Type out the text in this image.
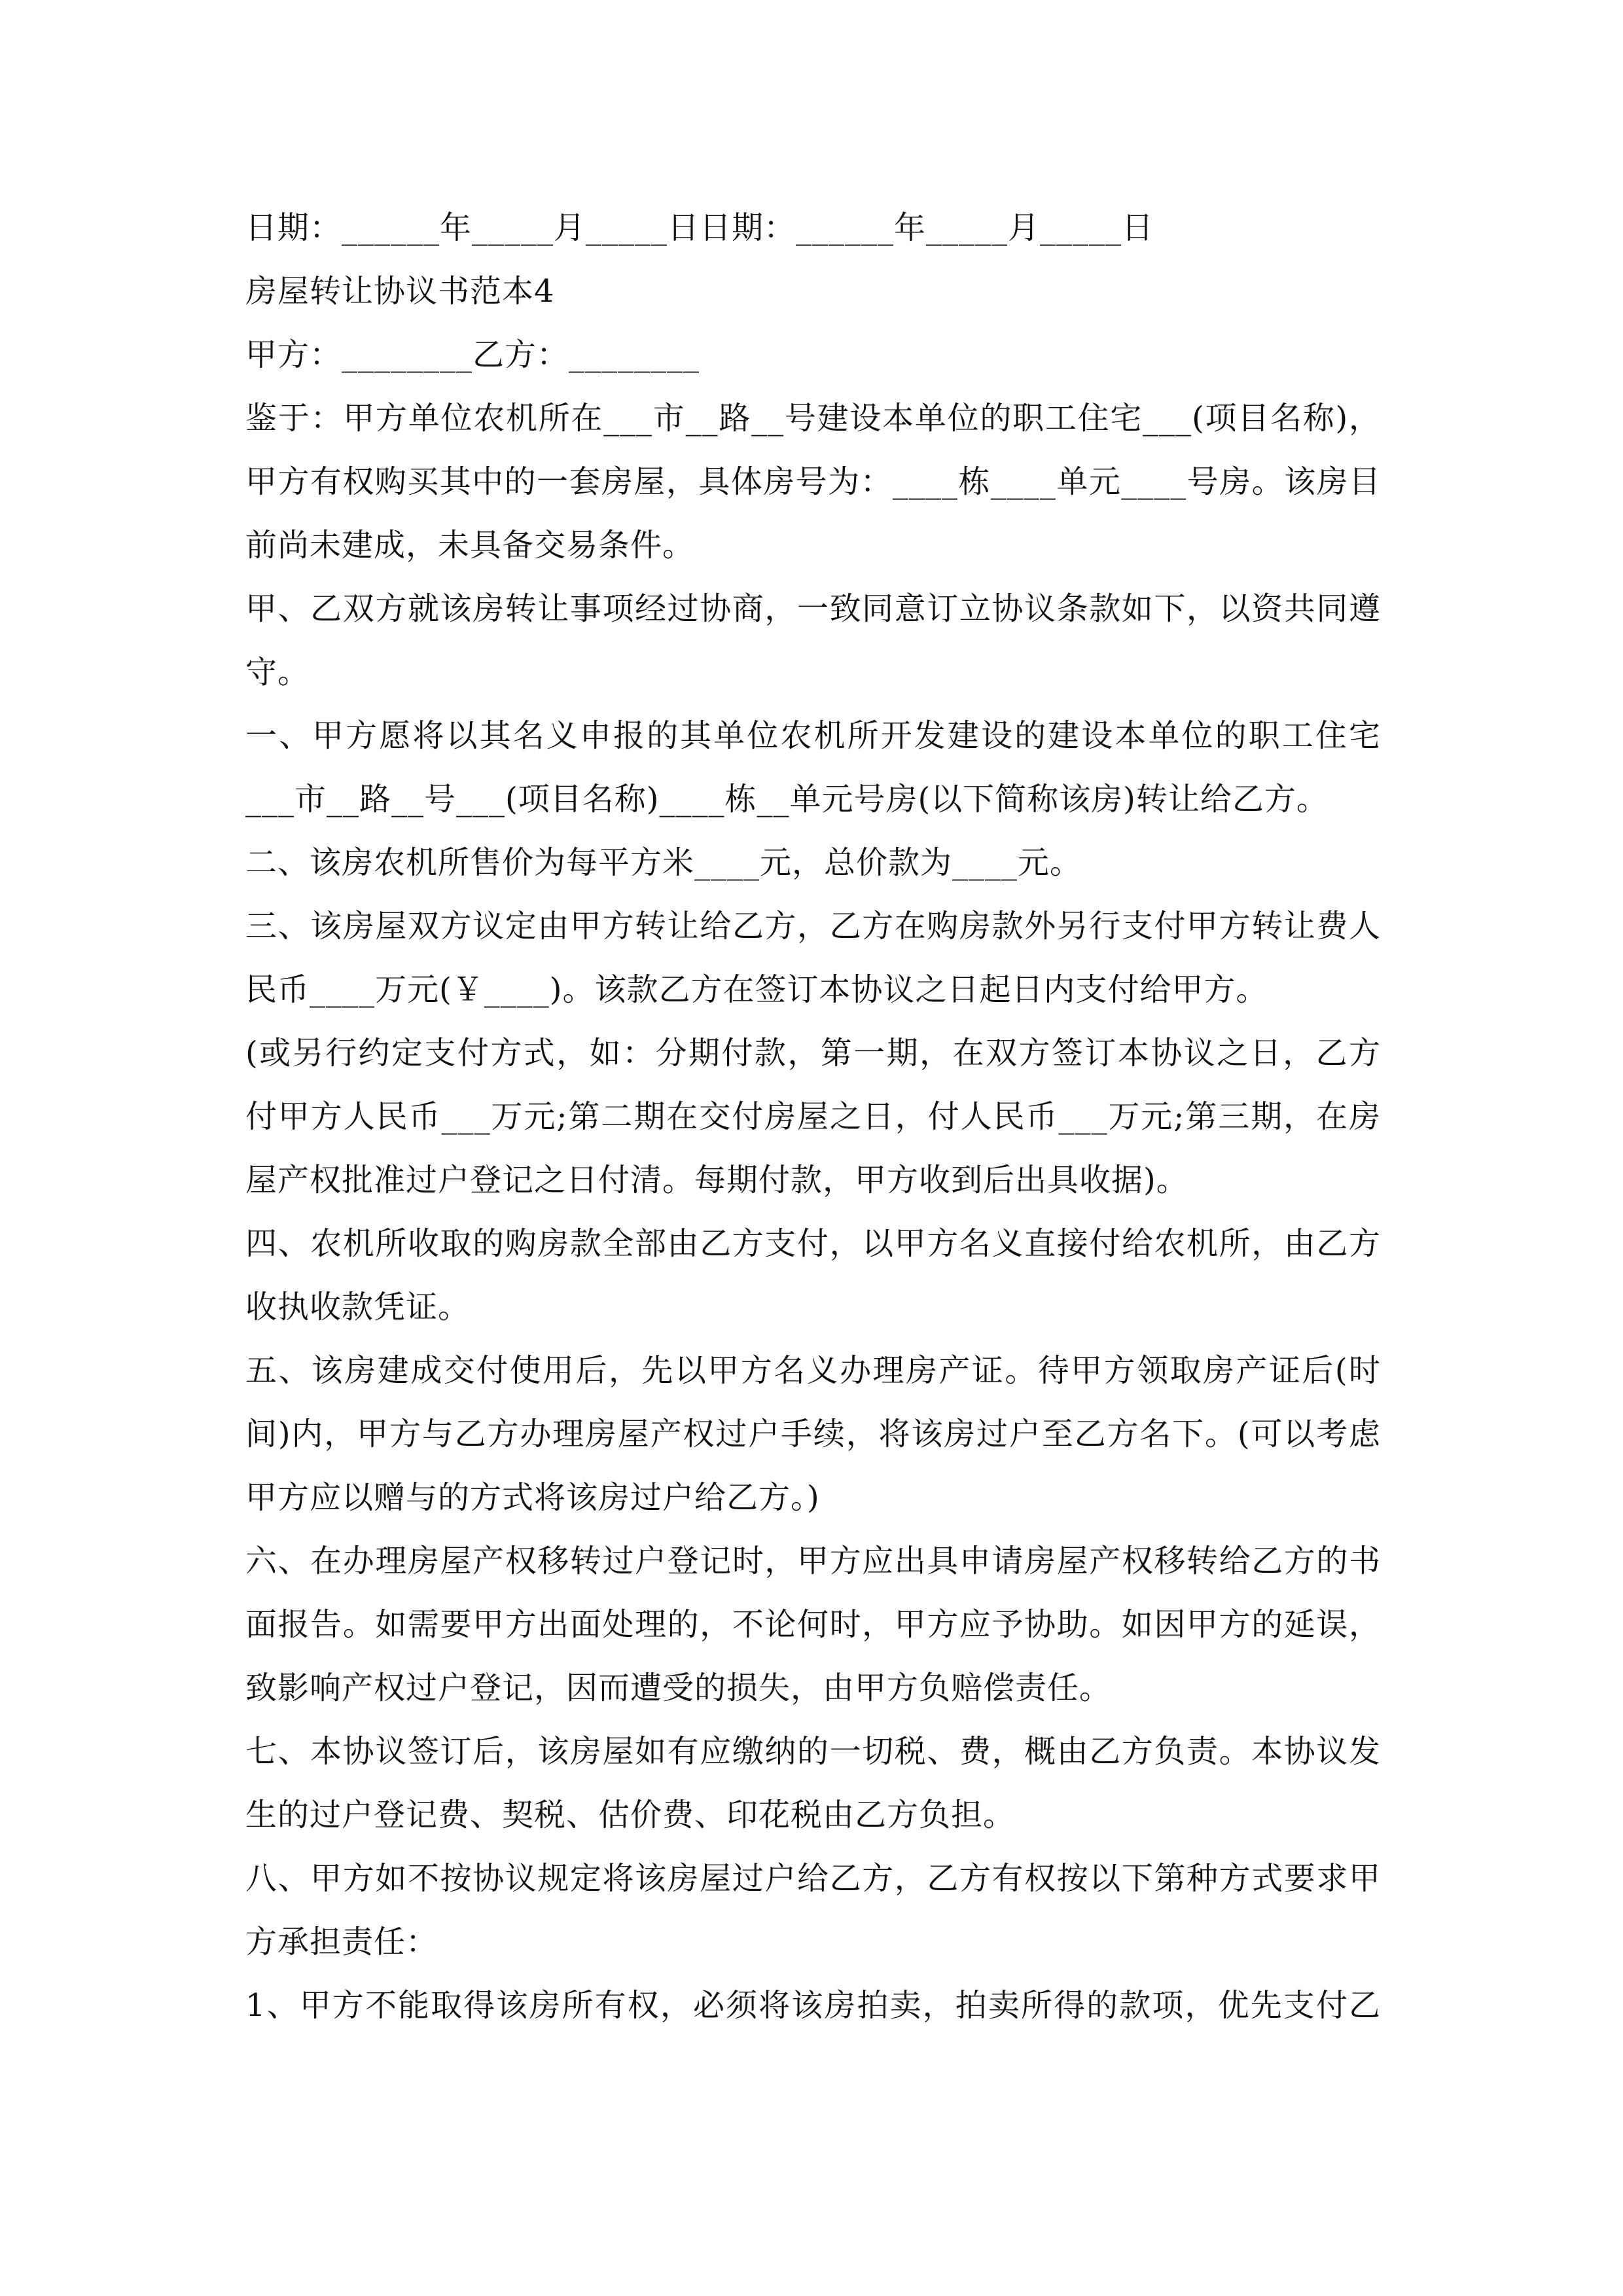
日期：______年_____月_____日日期：______年_____月_____日
房屋转让协议书范本4
甲方：________乙方：________
鉴于：甲方单位农机所在___市__路__号建设本单位的职工住宅___(项目名称)，
甲方有权购买其中的一套房屋，具体房号为：____栋____单元____号房。该房目
前尚未建成，未具备交易条件。
甲、乙双方就该房转让事项经过协商，一致同意订立协议条款如下，以资共同遵
守。
一、甲方愿将以其名义申报的其单位农机所开发建设的建设本单位的职工住宅
___市__路__号___(项目名称)____栋__单元号房(以下简称该房)转让给乙方。
二、该房农机所售价为每平方米____元，总价款为____元。
三、该房屋双方议定由甲方转让给乙方，乙方在购房款外另行支付甲方转让费人
民币____万元(￥____)。该款乙方在签订本协议之日起日内支付给甲方。
(或另行约定支付方式，如：分期付款，第一期，在双方签订本协议之日，乙方
付甲方人民币___万元;第二期在交付房屋之日，付人民币___万元;第三期，在房
屋产权批准过户登记之日付清。每期付款，甲方收到后出具收据)。
四、农机所收取的购房款全部由乙方支付，以甲方名义直接付给农机所，由乙方
收执收款凭证。
五、该房建成交付使用后，先以甲方名义办理房产证。待甲方领取房产证后(时
间)内，甲方与乙方办理房屋产权过户手续，将该房过户至乙方名下。(可以考虑
甲方应以赠与的方式将该房过户给乙方。)
六、在办理房屋产权移转过户登记时，甲方应出具申请房屋产权移转给乙方的书
面报告。如需要甲方出面处理的，不论何时，甲方应予协助。如因甲方的延误，
致影响产权过户登记，因而遭受的损失，由甲方负赔偿责任。
七、本协议签订后，该房屋如有应缴纳的一切税、费，概由乙方负责。本协议发
生的过户登记费、契税、估价费、印花税由乙方负担。
八、甲方如不按协议规定将该房屋过户给乙方，乙方有权按以下第种方式要求甲
方承担责任：
1、甲方不能取得该房所有权，必须将该房拍卖，拍卖所得的款项，优先支付乙
